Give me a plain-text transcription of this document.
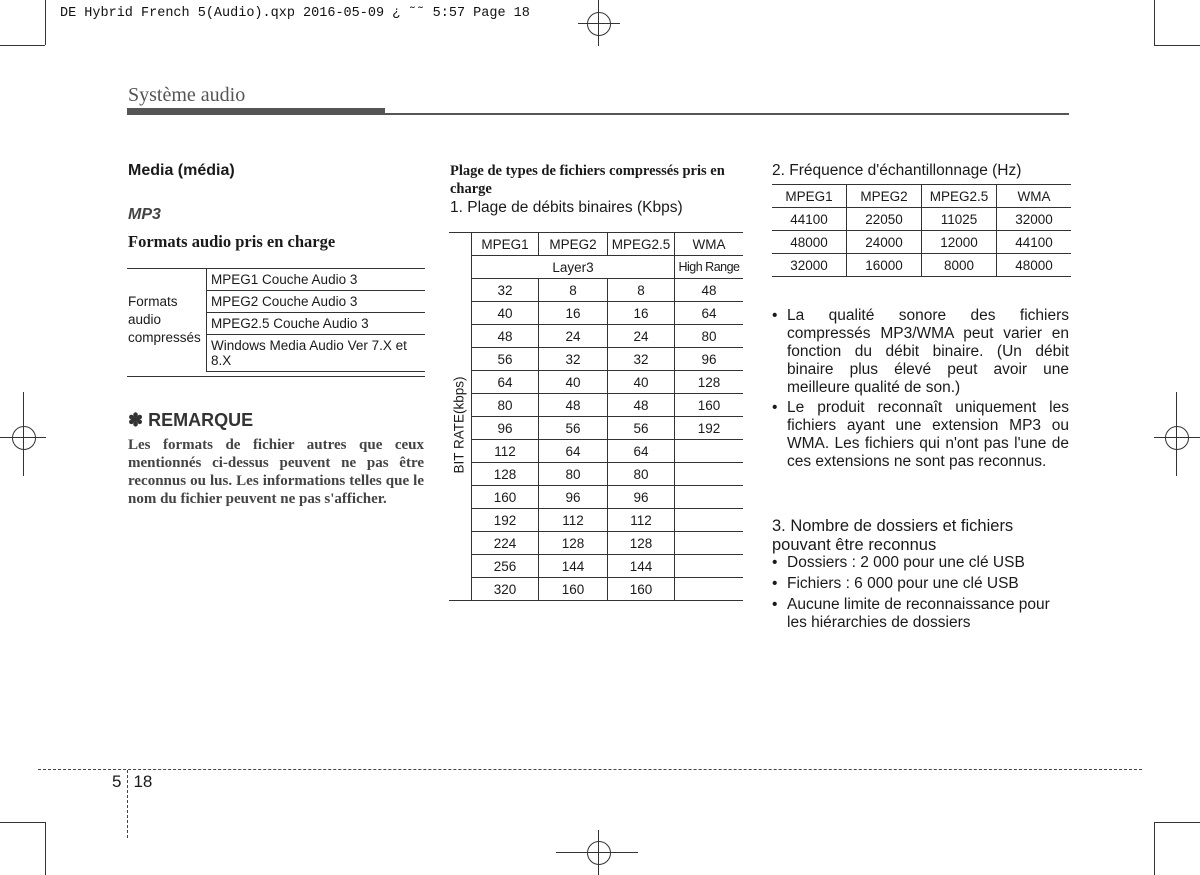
DE Hybrid French 5(Audio).qxp 2016-05-09 ¿ ˜˜ 5:57 Page 18
Système audio
Media (média)
MP3
Formats audio pris en charge
Formats audio compressés	MPEG1 Couche Audio 3
MPEG2 Couche Audio 3
MPEG2.5 Couche Audio 3
Windows Media Audio Ver 7.X et 8.X
✽ REMARQUE
Les formats de fichier autres que ceux mentionnés ci-dessus peuvent ne pas être reconnus ou lus. Les informations telles que le nom du fichier peuvent ne pas s'afficher.
Plage de types de fichiers compressés pris en charge
1. Plage de débits binaires (Kbps)
	MPEG1	MPEG2	MPEG2.5	WMA
	Layer3			High Range
	32	8	8	48
	40	16	16	64
	48	24	24	80
	56	32	32	96
	64	40	40	128
	80	48	48	160
	96	56	56	192
	112	64	64	
	128	80	80	
	160	96	96	
	192	112	112	
	224	128	128	
	256	144	144	
	320	160	160	
BIT RATE(kbps)
2. Fréquence d'échantillonnage (Hz)
MPEG1	MPEG2	MPEG2.5	WMA
44100	22050	11025	32000
48000	24000	12000	44100
32000	16000	8000	48000
• La qualité sonore des fichiers compressés MP3/WMA peut varier en fonction du débit binaire. (Un débit binaire plus élevé peut avoir une meilleure qualité de son.)
• Le produit reconnaît uniquement les fichiers ayant une extension MP3 ou WMA. Les fichiers qui n'ont pas l'une de ces extensions ne sont pas reconnus.
3. Nombre de dossiers et fichiers pouvant être reconnus
• Dossiers : 2 000 pour une clé USB
• Fichiers : 6 000 pour une clé USB
• Aucune limite de reconnaissance pour les hiérarchies de dossiers
5 18
